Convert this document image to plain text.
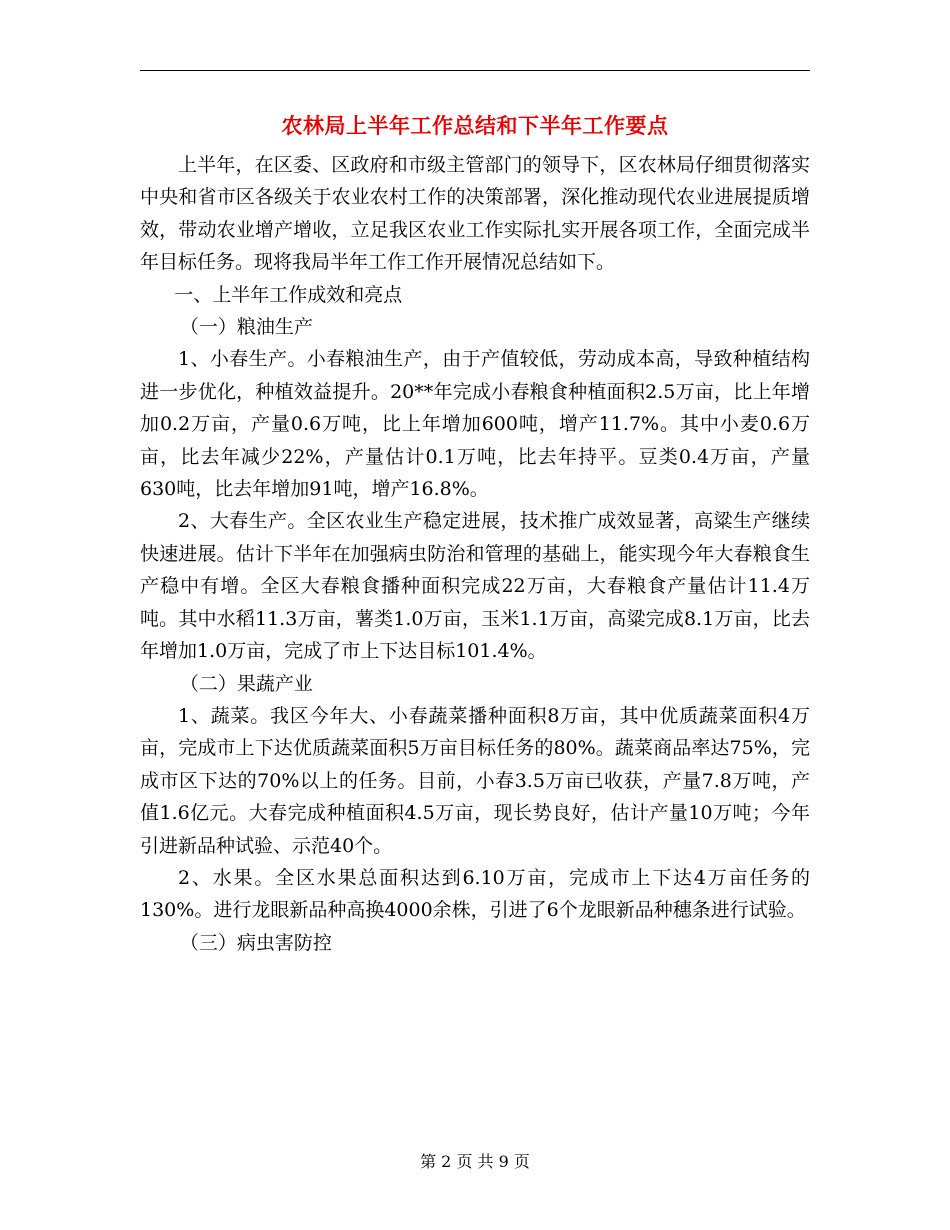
农林局上半年工作总结和下半年工作要点

上半年，在区委、区政府和市级主管部门的领导下，区农林局仔细贯彻落实中央和省市区各级关于农业农村工作的决策部署，深化推动现代农业进展提质增效，带动农业增产增收，立足我区农业工作实际扎实开展各项工作，全面完成半年目标任务。现将我局半年工作工作开展情况总结如下。

一、上半年工作成效和亮点

（一）粮油生产

1、小春生产。小春粮油生产，由于产值较低，劳动成本高，导致种植结构进一步优化，种植效益提升。20**年完成小春粮食种植面积2.5万亩，比上年增加0.2万亩，产量0.6万吨，比上年增加600吨，增产11.7%。其中小麦0.6万亩，比去年减少22%，产量估计0.1万吨，比去年持平。豆类0.4万亩，产量630吨，比去年增加91吨，增产16.8%。

2、大春生产。全区农业生产稳定进展，技术推广成效显著，高粱生产继续快速进展。估计下半年在加强病虫防治和管理的基础上，能实现今年大春粮食生产稳中有增。全区大春粮食播种面积完成22万亩，大春粮食产量估计11.4万吨。其中水稻11.3万亩，薯类1.0万亩，玉米1.1万亩，高粱完成8.1万亩，比去年增加1.0万亩，完成了市上下达目标101.4%。

（二）果蔬产业

1、蔬菜。我区今年大、小春蔬菜播种面积8万亩，其中优质蔬菜面积4万亩，完成市上下达优质蔬菜面积5万亩目标任务的80%。蔬菜商品率达75%，完成市区下达的70%以上的任务。目前，小春3.5万亩已收获，产量7.8万吨，产值1.6亿元。大春完成种植面积4.5万亩，现长势良好，估计产量10万吨；今年引进新品种试验、示范40个。

2、水果。全区水果总面积达到6.10万亩，完成市上下达4万亩任务的130%。进行龙眼新品种高换4000余株，引进了6个龙眼新品种穗条进行试验。

（三）病虫害防控

第 2 页 共 9 页
